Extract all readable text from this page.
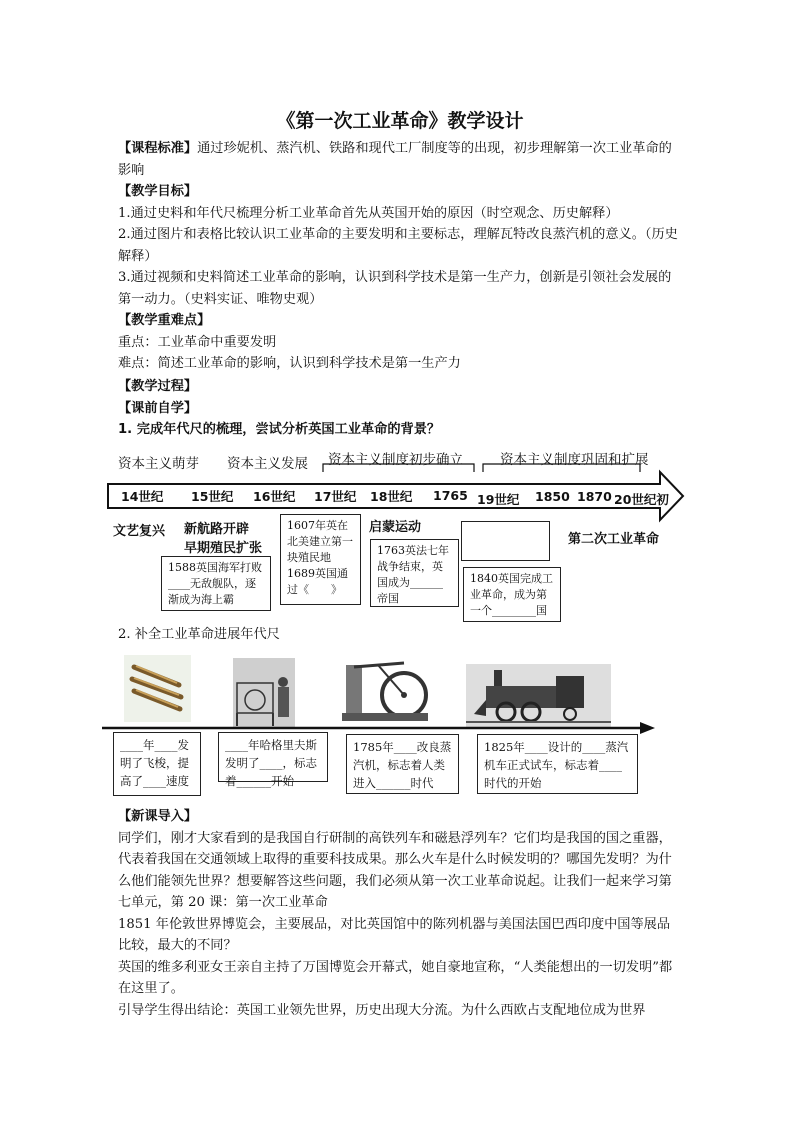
《第一次工业革命》教学设计
【课程标准】通过珍妮机、蒸汽机、铁路和现代工厂制度等的出现，初步理解第一次工业革命的影响
【教学目标】
1.通过史料和年代尺梳理分析工业革命首先从英国开始的原因（时空观念、历史解释）
2.通过图片和表格比较认识工业革命的主要发明和主要标志，理解瓦特改良蒸汽机的意义。（历史解释）
3.通过视频和史料简述工业革命的影响，认识到科学技术是第一生产力，创新是引领社会发展的第一动力。（史料实证、唯物史观）
【教学重难点】
重点：工业革命中重要发明
难点：简述工业革命的影响，认识到科学技术是第一生产力
【教学过程】
【课前自学】
1. 完成年代尺的梳理，尝试分析英国工业革命的背景？
资本主义萌芽 资本主义发展 资本主义制度初步确立	资本主义制度巩固和扩展
14世纪 15世纪 16世纪 17世纪 18世纪 1765 19世纪 1850 1870 20世纪初
文艺复兴 新航路开辟
早期殖民扩张
启蒙运动
第二次工业革命
1588英国海军打败____无敌舰队，逐渐成为海上霸
1607年英在北美建立第一块殖民地1689英国通过《　　》
1763英法七年战争结束，英国成为______帝国
1840英国完成工业革命，成为第一个________国
2. 补全工业革命进展年代尺
____年____发明了飞梭，提高了____速度
____年哈格里夫斯发明了____，标志着______开始
1785年____改良蒸汽机，标志着人类进入______时代
1825年____设计的____蒸汽机车正式试车，标志着____时代的开始
【新课导入】
同学们，刚才大家看到的是我国自行研制的高铁列车和磁悬浮列车？它们均是我国的国之重器，代表着我国在交通领域上取得的重要科技成果。那么火车是什么时候发明的？哪国先发明？为什么他们能领先世界？想要解答这些问题，我们必须从第一次工业革命说起。让我们一起来学习第七单元，第 20 课：第一次工业革命
1851 年伦敦世界博览会，主要展品，对比英国馆中的陈列机器与美国法国巴西印度中国等展品比较，最大的不同？
英国的维多利亚女王亲自主持了万国博览会开幕式，她自豪地宣称，“人类能想出的一切发明”都在这里了。
引导学生得出结论：英国工业领先世界，历史出现大分流。为什么西欧占支配地位成为世界
